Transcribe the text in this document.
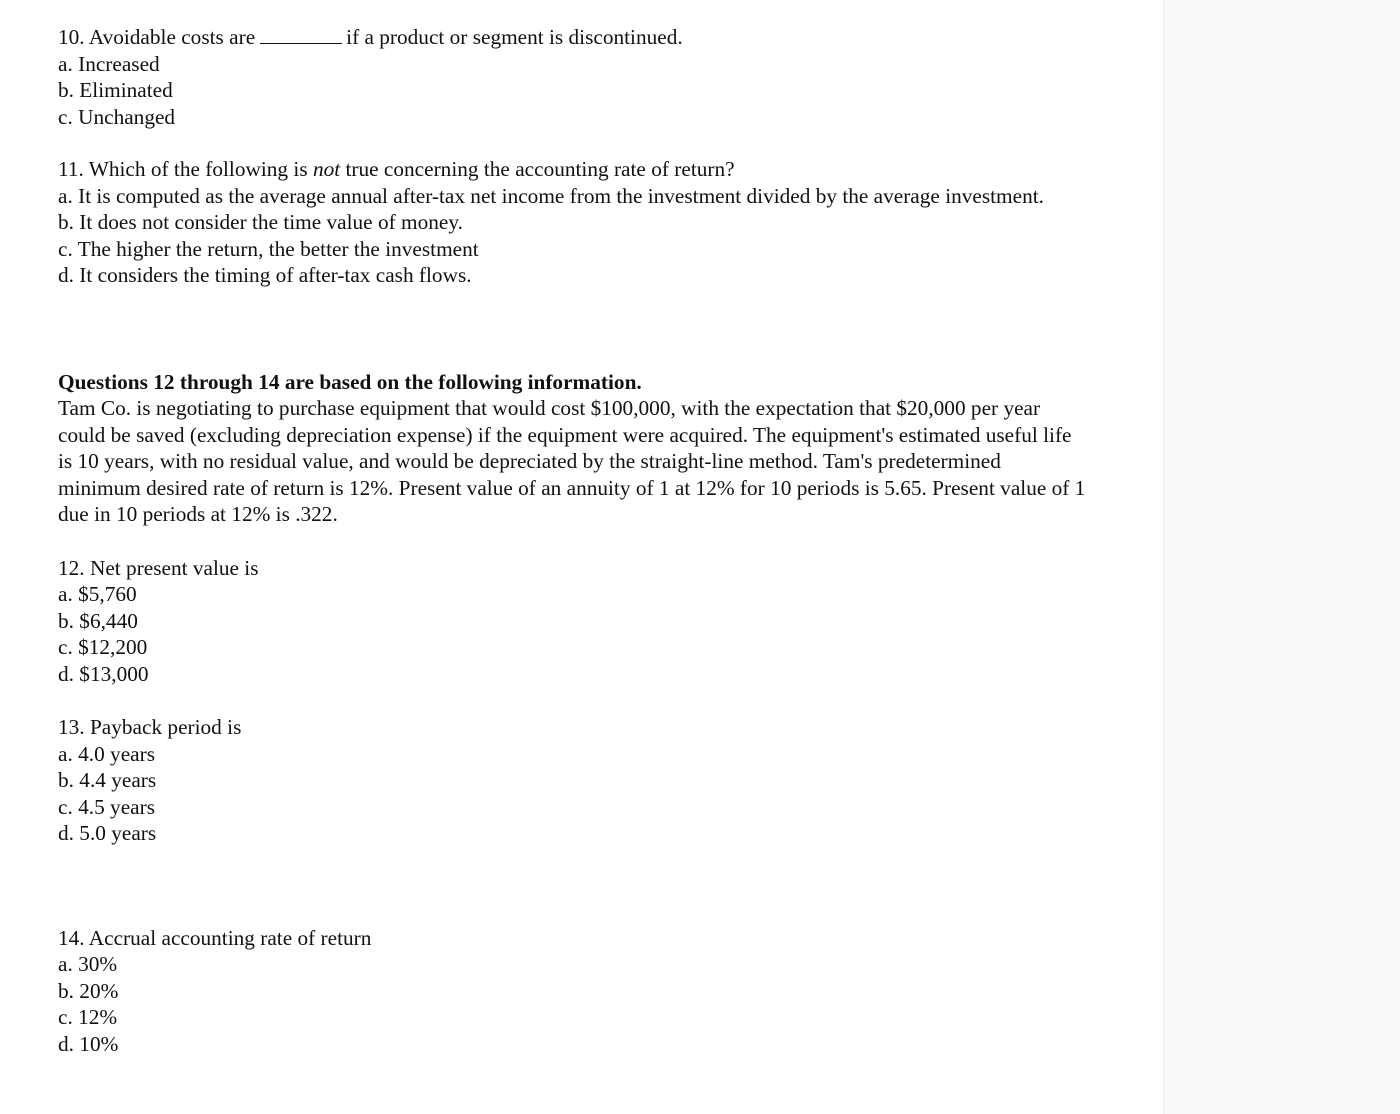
10. Avoidable costs are	if a product or segment is discontinued.
a. Increased
b. Eliminated
c. Unchanged
11. Which of the following is not true concerning the accounting rate of return?
a. It is computed as the average annual after-tax net income from the investment divided by the average investment.
b. It does not consider the time value of money.
c. The higher the return, the better the investment
d. It considers the timing of after-tax cash flows.
Questions 12 through 14 are based on the following information.
Tam Co. is negotiating to purchase equipment that would cost $100,000, with the expectation that $20,000 per year could be saved (excluding depreciation expense) if the equipment were acquired. The equipment's estimated useful life is 10 years, with no residual value, and would be depreciated by the straight-line method. Tam's predetermined minimum desired rate of return is 12%. Present value of an annuity of 1 at 12% for 10 periods is 5.65. Present value of 1 due in 10 periods at 12% is .322.
12. Net present value is
a. $5,760
b. $6,440
c. $12,200
d. $13,000
13. Payback period is
a. 4.0 years
b. 4.4 years
c. 4.5 years
d. 5.0 years
14. Accrual accounting rate of return
a. 30%
b. 20%
c. 12%
d. 10%
